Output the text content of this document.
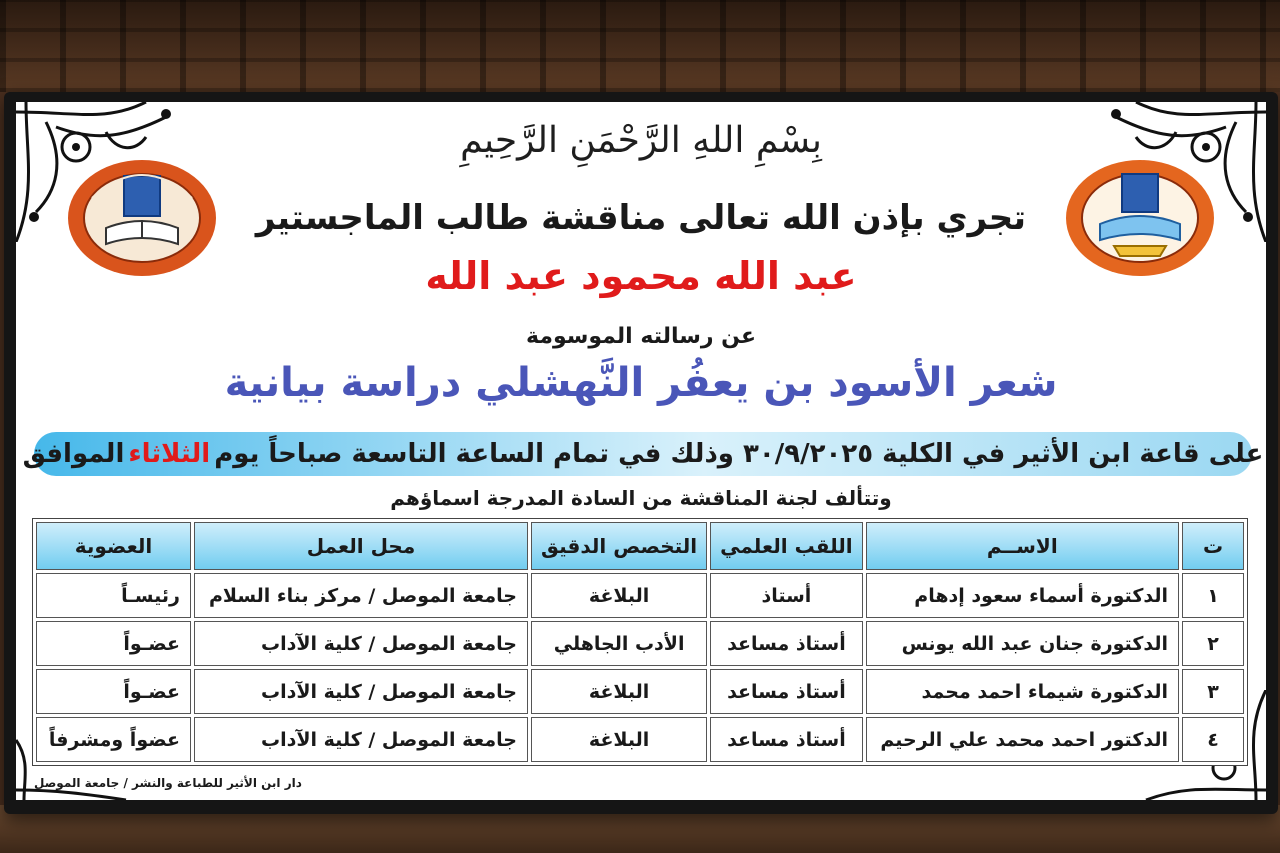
بِسْمِ اللهِ الرَّحْمَنِ الرَّحِيمِ
تجري بإذن الله تعالى مناقشة طالب الماجستير
عبد الله محمود عبد الله
عن رسالته الموسومة
شعر الأسود بن يعفُر النَّهشلي دراسة بيانية
على قاعة ابن الأثير في الكلية

٣٠/٩/٢٠٢٥

وذلك في تمام الساعة التاسعة صباحاً يوم
الثلاثاء
الموافق
وتتألف لجنة المناقشة من السادة المدرجة اسماؤهم
ت	الاســم	اللقب العلمي	التخصص الدقيق	محل العمل	العضوية
١	الدكتورة أسماء سعود إدهام	أستاذ	البلاغة	جامعة الموصل / مركز بناء السلام	رئيسـاً
٢	الدكتورة جنان عبد الله يونس	أستاذ مساعد	الأدب الجاهلي	جامعة الموصل / كلية الآداب	عضـواً
٣	الدكتورة شيماء احمد محمد	أستاذ مساعد	البلاغة	جامعة الموصل / كلية الآداب	عضـواً
٤	الدكتور احمد محمد علي الرحيم	أستاذ مساعد	البلاغة	جامعة الموصل / كلية الآداب	عضواً ومشرفاً
دار ابن الأثير للطباعة والنشر / جامعة الموصل
